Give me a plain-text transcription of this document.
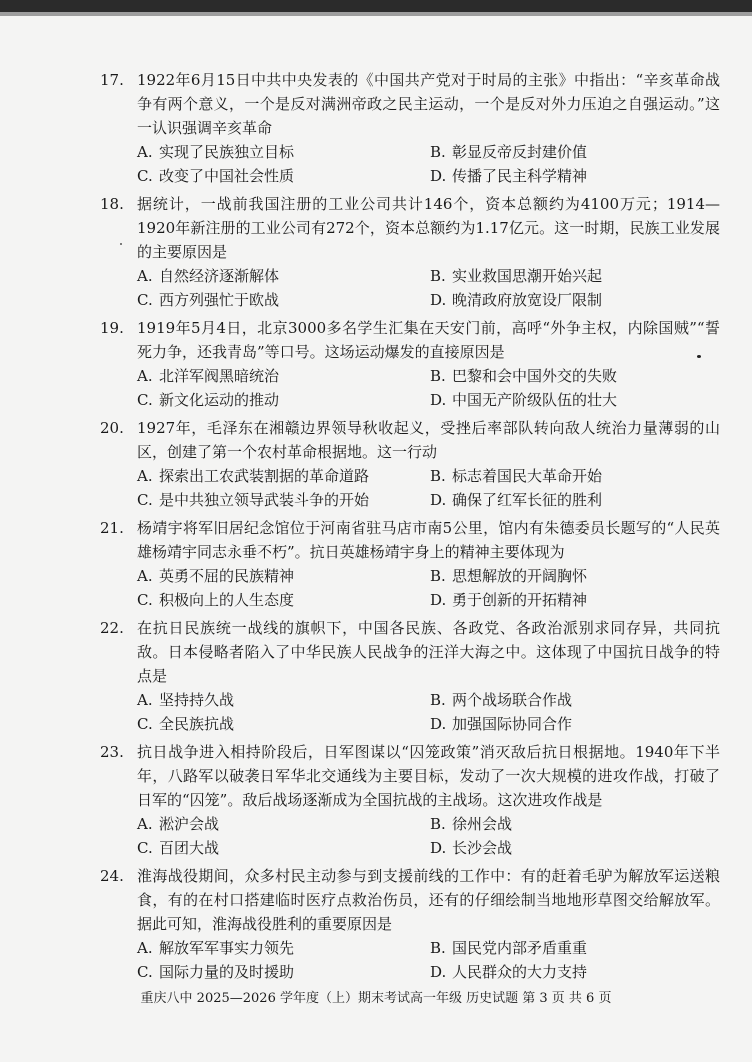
17. 1922年6月15日中共中央发表的《中国共产党对于时局的主张》中指出：“辛亥革命战争有两个意义，一个是反对满洲帝政之民主运动，一个是反对外力压迫之自强运动。”这一认识强调辛亥革命
A. 实现了民族独立目标	B. 彰显反帝反封建价值
C. 改变了中国社会性质	D. 传播了民主科学精神
18. 据统计，一战前我国注册的工业公司共计146个，资本总额约为4100万元；1914—1920年新注册的工业公司有272个，资本总额约为1.17亿元。这一时期，民族工业发展的主要原因是
A. 自然经济逐渐解体	B. 实业救国思潮开始兴起
C. 西方列强忙于欧战	D. 晚清政府放宽设厂限制
19. 1919年5月4日，北京3000多名学生汇集在天安门前，高呼“外争主权，内除国贼”“誓死力争，还我青岛”等口号。这场运动爆发的直接原因是
A. 北洋军阀黑暗统治	B. 巴黎和会中国外交的失败
C. 新文化运动的推动	D. 中国无产阶级队伍的壮大
20. 1927年，毛泽东在湘赣边界领导秋收起义，受挫后率部队转向敌人统治力量薄弱的山区，创建了第一个农村革命根据地。这一行动
A. 探索出工农武装割据的革命道路	B. 标志着国民大革命开始
C. 是中共独立领导武装斗争的开始	D. 确保了红军长征的胜利
21. 杨靖宇将军旧居纪念馆位于河南省驻马店市南5公里，馆内有朱德委员长题写的“人民英雄杨靖宇同志永垂不朽”。抗日英雄杨靖宇身上的精神主要体现为
A. 英勇不屈的民族精神	B. 思想解放的开阔胸怀
C. 积极向上的人生态度	D. 勇于创新的开拓精神
22. 在抗日民族统一战线的旗帜下，中国各民族、各政党、各政治派别求同存异，共同抗敌。日本侵略者陷入了中华民族人民战争的汪洋大海之中。这体现了中国抗日战争的特点是
A. 坚持持久战	B. 两个战场联合作战
C. 全民族抗战	D. 加强国际协同合作
23. 抗日战争进入相持阶段后，日军图谋以“囚笼政策”消灭敌后抗日根据地。1940年下半年，八路军以破袭日军华北交通线为主要目标，发动了一次大规模的进攻作战，打破了日军的“囚笼”。敌后战场逐渐成为全国抗战的主战场。这次进攻作战是
A. 淞沪会战	B. 徐州会战
C. 百团大战	D. 长沙会战
24. 淮海战役期间，众多村民主动参与到支援前线的工作中：有的赶着毛驴为解放军运送粮食，有的在村口搭建临时医疗点救治伤员，还有的仔细绘制当地地形草图交给解放军。据此可知，淮海战役胜利的重要原因是
A. 解放军军事实力领先	B. 国民党内部矛盾重重
C. 国际力量的及时援助	D. 人民群众的大力支持
重庆八中 2025—2026 学年度（上）期末考试高一年级 历史试题 第 3 页 共 6 页
